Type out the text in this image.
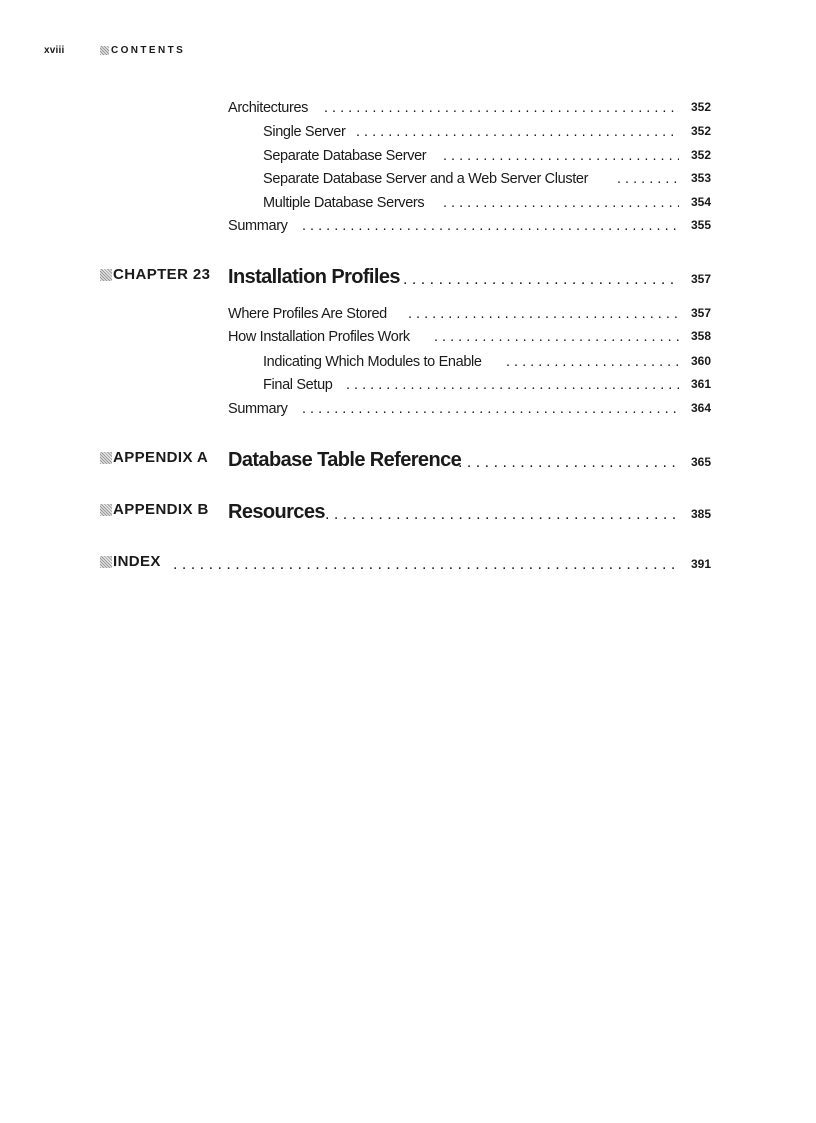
xviii	CONTENTS
Architectures . . .	352
Single Server . . .	352
Separate Database Server . . .	352
Separate Database Server and a Web Server Cluster . . .	353
Multiple Database Servers . . .	354
Summary . . .	355
CHAPTER 23 Installation Profiles . . .	357
Where Profiles Are Stored . . .	357
How Installation Profiles Work . . .	358
Indicating Which Modules to Enable . . .	360
Final Setup . . .	361
Summary . . .	364
APPENDIX A Database Table Reference . . .	365
APPENDIX B Resources . . .	385
INDEX . . .	391
